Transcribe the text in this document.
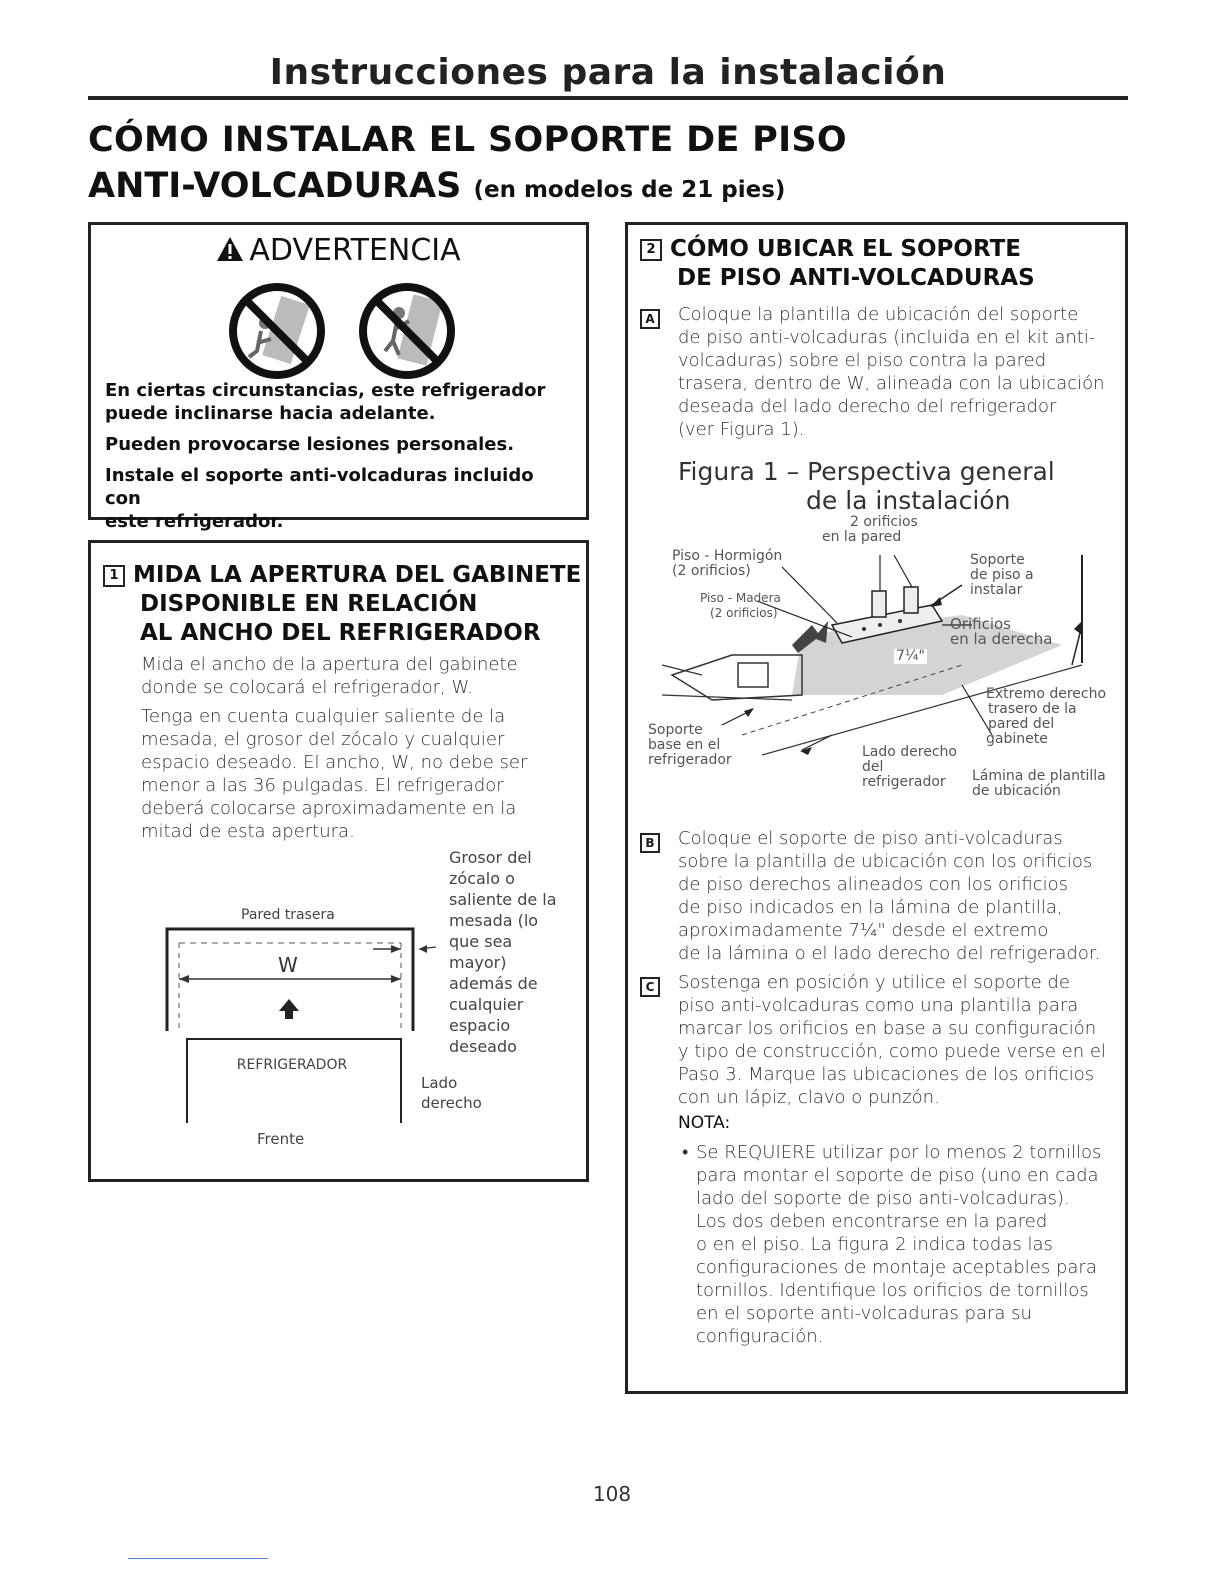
Instrucciones para la instalación
CÓMO INSTALAR EL SOPORTE DE PISO
ANTI-VOLCADURAS (en modelos de 21 pies)
ADVERTENCIA
En ciertas circunstancias, este refrigerador
puede inclinarse hacia adelante.
Pueden provocarse lesiones personales.
Instale el soporte anti-volcaduras incluido con
este refrigerador.
1 MIDA LA APERTURA DEL GABINETE
DISPONIBLE EN RELACIÓN
AL ANCHO DEL REFRIGERADOR
Mida el ancho de la apertura del gabinete
donde se colocará el refrigerador, W.
Tenga en cuenta cualquier saliente de la
mesada, el grosor del zócalo y cualquier
espacio deseado. El ancho, W, no debe ser
menor a las 36 pulgadas. El refrigerador
deberá colocarse aproximadamente en la
mitad de esta apertura.
Grosor del
zócalo o
saliente de la
mesada (lo
que sea
mayor)
además de
cualquier
espacio
deseado
Pared trasera
W
REFRIGERADOR
Lado
derecho
Frente
2 CÓMO UBICAR EL SOPORTE
DE PISO ANTI-VOLCADURAS
A Coloque la plantilla de ubicación del soporte
de piso anti-volcaduras (incluida en el kit anti-
volcaduras) sobre el piso contra la pared
trasera, dentro de W, alineada con la ubicación
deseada del lado derecho del refrigerador
(ver Figura 1).
Figura 1 – Perspectiva general
de la instalación
2 orificios
en la pared
Piso - Hormigón
(2 orificios)
Piso - Madera
(2 orificios)
Soporte
de piso a
instalar
Orificios
en la derecha
7¼"
Extremo derecho
trasero de la
pared del
gabinete
Soporte
base en el
refrigerador	Lado derecho
del
refrigerador	Lámina de plantilla
de ubicación
B	Coloque el soporte de piso anti-volcaduras
sobre la plantilla de ubicación con los orificios
de piso derechos alineados con los orificios
de piso indicados en la lámina de plantilla,
aproximadamente 7¼" desde el extremo
de la lámina o el lado derecho del refrigerador.
C	Sostenga en posición y utilice el soporte de
piso anti-volcaduras como una plantilla para
marcar los orificios en base a su configuración
y tipo de construcción, como puede verse en el
Paso 3. Marque las ubicaciones de los orificios
con un lápiz, clavo o punzón.
NOTA:
• Se REQUIERE utilizar por lo menos 2 tornillos
para montar el soporte de piso (uno en cada
lado del soporte de piso anti-volcaduras).
Los dos deben encontrarse en la pared
o en el piso. La figura 2 indica todas las
configuraciones de montaje aceptables para
tornillos. Identifique los orificios de tornillos
en el soporte anti-volcaduras para su
configuración.
108
